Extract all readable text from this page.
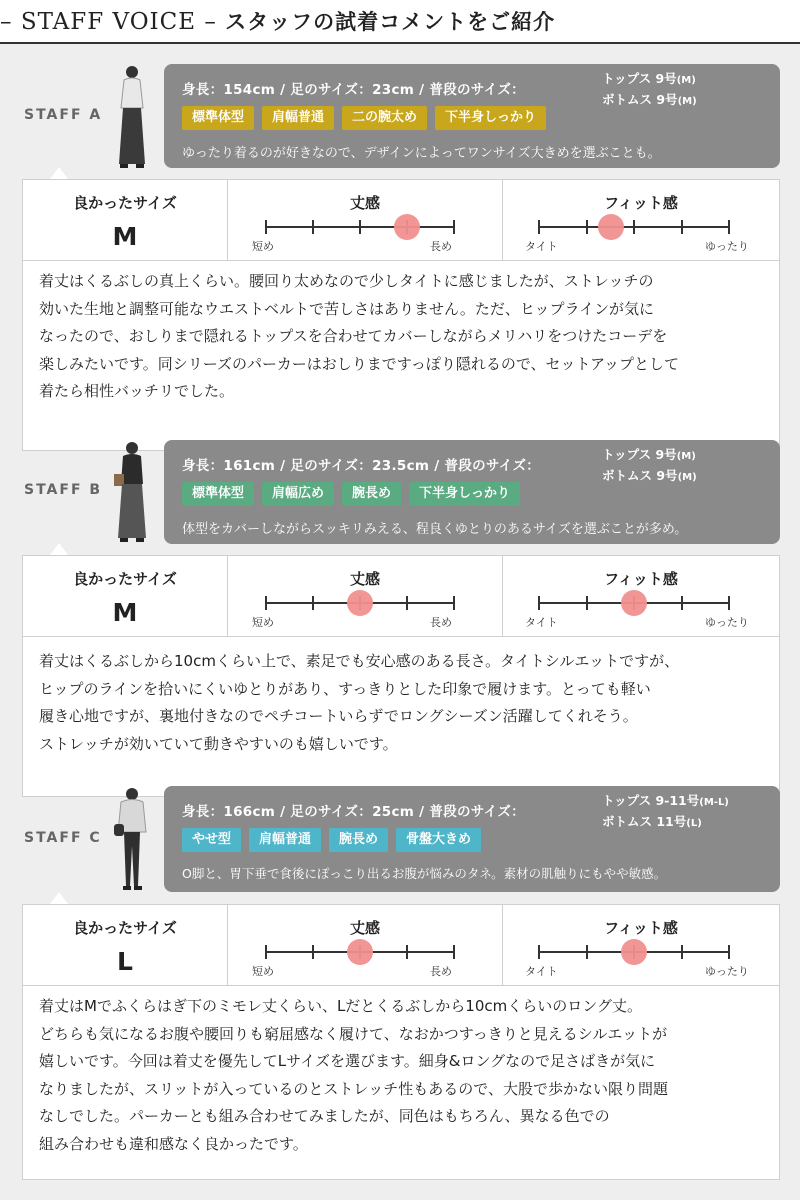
– STAFF VOICE – スタッフの試着コメントをご紹介
STAFF A
身長：154cm / 足のサイズ：23cm / 普段のサイズ：
トップス 9号(M)
ボトムス 9号(M)
標準体型 肩幅普通 二の腕太め 下半身しっかり
ゆったり着るのが好きなので、デザインによってワンサイズ大きめを選ぶことも。
良かったサイズ
M
丈感
短め	長め
フィット感
タイト	ゆったり
着丈はくるぶしの真上くらい。腰回り太めなので少しタイトに感じましたが、ストレッチの
効いた生地と調整可能なウエストベルトで苦しさはありません。ただ、ヒップラインが気に
なったので、おしりまで隠れるトップスを合わせてカバーしながらメリハリをつけたコーデを
楽しみたいです。同シリーズのパーカーはおしりまですっぽり隠れるので、セットアップとして
着たら相性バッチリでした。
STAFF B
身長：161cm / 足のサイズ：23.5cm / 普段のサイズ：
トップス 9号(M)
ボトムス 9号(M)
標準体型 肩幅広め 腕長め 下半身しっかり
体型をカバーしながらスッキリみえる、程良くゆとりのあるサイズを選ぶことが多め。
良かったサイズ
M
丈感
短め	長め
フィット感
タイト	ゆったり
着丈はくるぶしから10cmくらい上で、素足でも安心感のある長さ。タイトシルエットですが、
ヒップのラインを拾いにくいゆとりがあり、すっきりとした印象で履けます。とっても軽い
履き心地ですが、裏地付きなのでペチコートいらずでロングシーズン活躍してくれそう。
ストレッチが効いていて動きやすいのも嬉しいです。
STAFF C
身長：166cm / 足のサイズ：25cm / 普段のサイズ：
トップス 9-11号(M-L)
ボトムス 11号(L)
やせ型 肩幅普通 腕長め 骨盤大きめ
O脚と、胃下垂で食後にぽっこり出るお腹が悩みのタネ。素材の肌触りにもやや敏感。
良かったサイズ
L
丈感
短め	長め
フィット感
タイト	ゆったり
着丈はMでふくらはぎ下のミモレ丈くらい、Lだとくるぶしから10cmくらいのロング丈。
どちらも気になるお腹や腰回りも窮屈感なく履けて、なおかつすっきりと見えるシルエットが
嬉しいです。今回は着丈を優先してLサイズを選びます。細身&ロングなので足さばきが気に
なりましたが、スリットが入っているのとストレッチ性もあるので、大股で歩かない限り問題
なしでした。パーカーとも組み合わせてみましたが、同色はもちろん、異なる色での
組み合わせも違和感なく良かったです。
